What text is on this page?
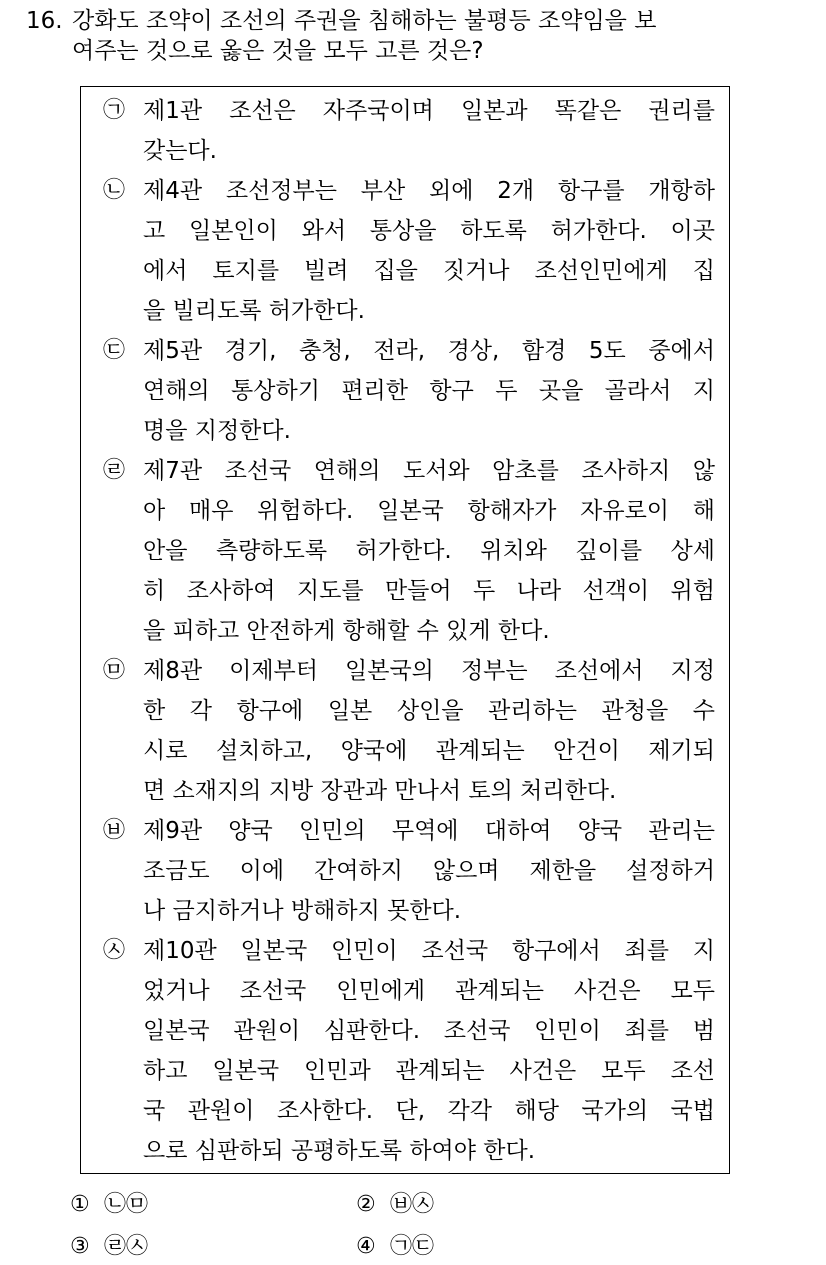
16. 강화도 조약이 조선의 주권을 침해하는 불평등 조약임을 보
여주는 것으로 옳은 것을 모두 고른 것은?
㉠ 제1관 조선은 자주국이며 일본과 똑같은 권리를
갖는다.
㉡ 제4관 조선정부는 부산 외에 2개 항구를 개항하
고 일본인이 와서 통상을 하도록 허가한다. 이곳
에서 토지를 빌려 집을 짓거나 조선인민에게 집
을 빌리도록 허가한다.
㉢ 제5관 경기, 충청, 전라, 경상, 함경 5도 중에서
연해의 통상하기 편리한 항구 두 곳을 골라서 지
명을 지정한다.
㉣ 제7관 조선국 연해의 도서와 암초를 조사하지 않
아 매우 위험하다. 일본국 항해자가 자유로이 해
안을 측량하도록 허가한다. 위치와 깊이를 상세
히 조사하여 지도를 만들어 두 나라 선객이 위험
을 피하고 안전하게 항해할 수 있게 한다.
㉤ 제8관 이제부터 일본국의 정부는 조선에서 지정
한 각 항구에 일본 상인을 관리하는 관청을 수
시로 설치하고, 양국에 관계되는 안건이 제기되
면 소재지의 지방 장관과 만나서 토의 처리한다.
㉥ 제9관 양국 인민의 무역에 대하여 양국 관리는
조금도 이에 간여하지 않으며 제한을 설정하거
나 금지하거나 방해하지 못한다.
㉦ 제10관 일본국 인민이 조선국 항구에서 죄를 지
었거나 조선국 인민에게 관계되는 사건은 모두
일본국 관원이 심판한다. 조선국 인민이 죄를 범
하고 일본국 인민과 관계되는 사건은 모두 조선
국 관원이 조사한다. 단, 각각 해당 국가의 국법
으로 심판하되 공평하도록 하여야 한다.
① ㉡㉤	② ㉥㉦
③ ㉣㉦	④ ㉠㉢
